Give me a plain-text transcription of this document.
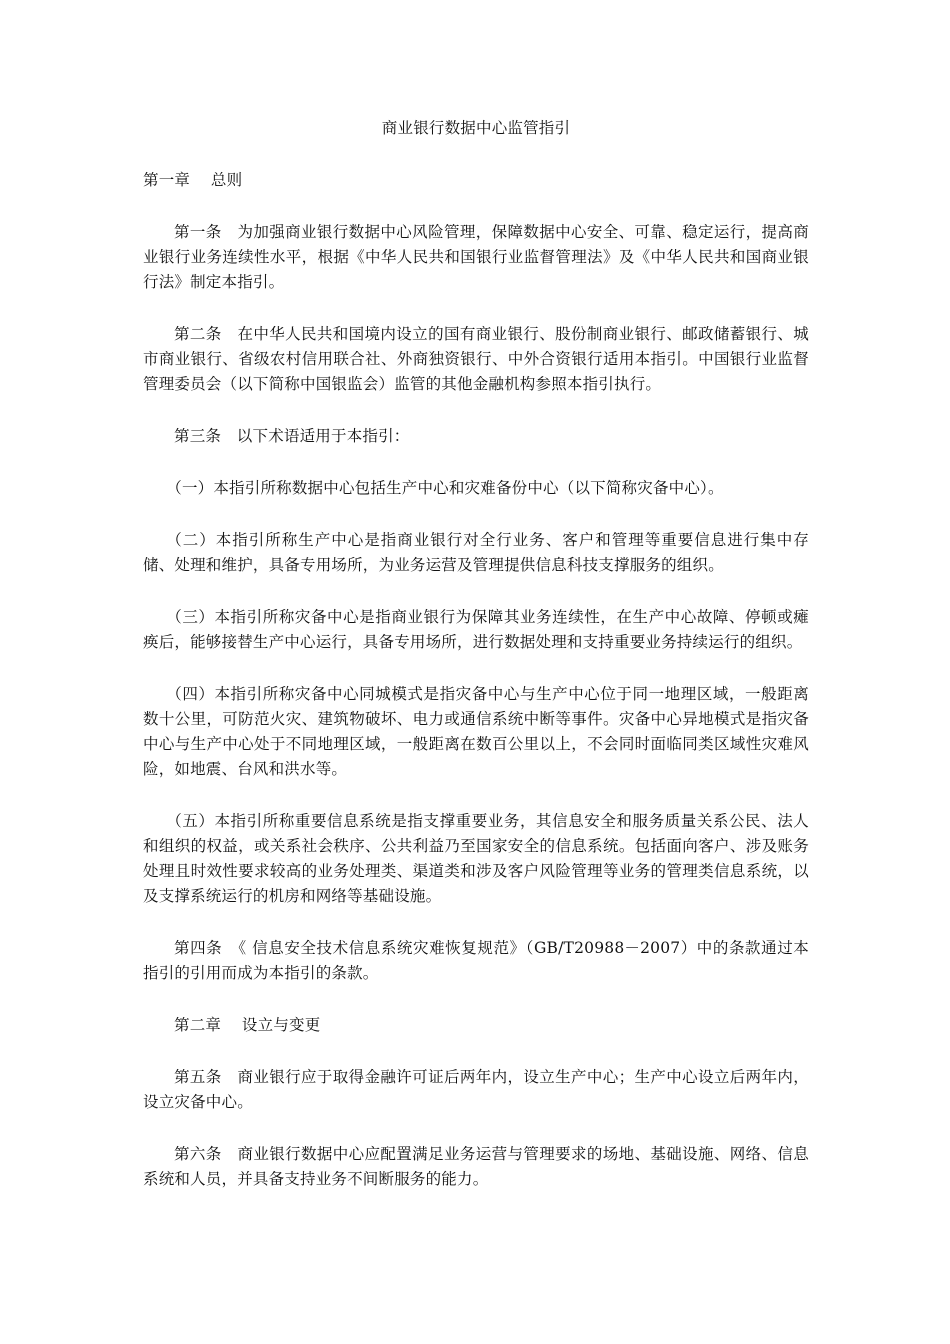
商业银行数据中心监管指引
第一章　 总则

第一条　为加强商业银行数据中心风险管理，保障数据中心安全、可靠、稳定运行，提高商业银行业务连续性水平，根据《中华人民共和国银行业监督管理法》及《中华人民共和国商业银行法》制定本指引。

第二条　在中华人民共和国境内设立的国有商业银行、股份制商业银行、邮政储蓄银行、城市商业银行、省级农村信用联合社、外商独资银行、中外合资银行适用本指引。中国银行业监督管理委员会（以下简称中国银监会）监管的其他金融机构参照本指引执行。

第三条　以下术语适用于本指引：

（一）本指引所称数据中心包括生产中心和灾难备份中心（以下简称灾备中心）。

（二）本指引所称生产中心是指商业银行对全行业务、客户和管理等重要信息进行集中存储、处理和维护，具备专用场所，为业务运营及管理提供信息科技支撑服务的组织。

（三）本指引所称灾备中心是指商业银行为保障其业务连续性，在生产中心故障、停顿或瘫痪后，能够接替生产中心运行，具备专用场所，进行数据处理和支持重要业务持续运行的组织。

（四）本指引所称灾备中心同城模式是指灾备中心与生产中心位于同一地理区域，一般距离数十公里，可防范火灾、建筑物破坏、电力或通信系统中断等事件。灾备中心异地模式是指灾备中心与生产中心处于不同地理区域，一般距离在数百公里以上，不会同时面临同类区域性灾难风险，如地震、台风和洪水等。

（五）本指引所称重要信息系统是指支撑重要业务，其信息安全和服务质量关系公民、法人和组织的权益，或关系社会秩序、公共利益乃至国家安全的信息系统。包括面向客户、涉及账务处理且时效性要求较高的业务处理类、渠道类和涉及客户风险管理等业务的管理类信息系统，以及支撑系统运行的机房和网络等基础设施。

第四条　《 信息安全技术信息系统灾难恢复规范》（GB/T20988－2007）中的条款通过本指引的引用而成为本指引的条款。

第二章　 设立与变更

第五条　商业银行应于取得金融许可证后两年内，设立生产中心；生产中心设立后两年内，设立灾备中心。

第六条　商业银行数据中心应配置满足业务运营与管理要求的场地、基础设施、网络、信息系统和人员，并具备支持业务不间断服务的能力。
